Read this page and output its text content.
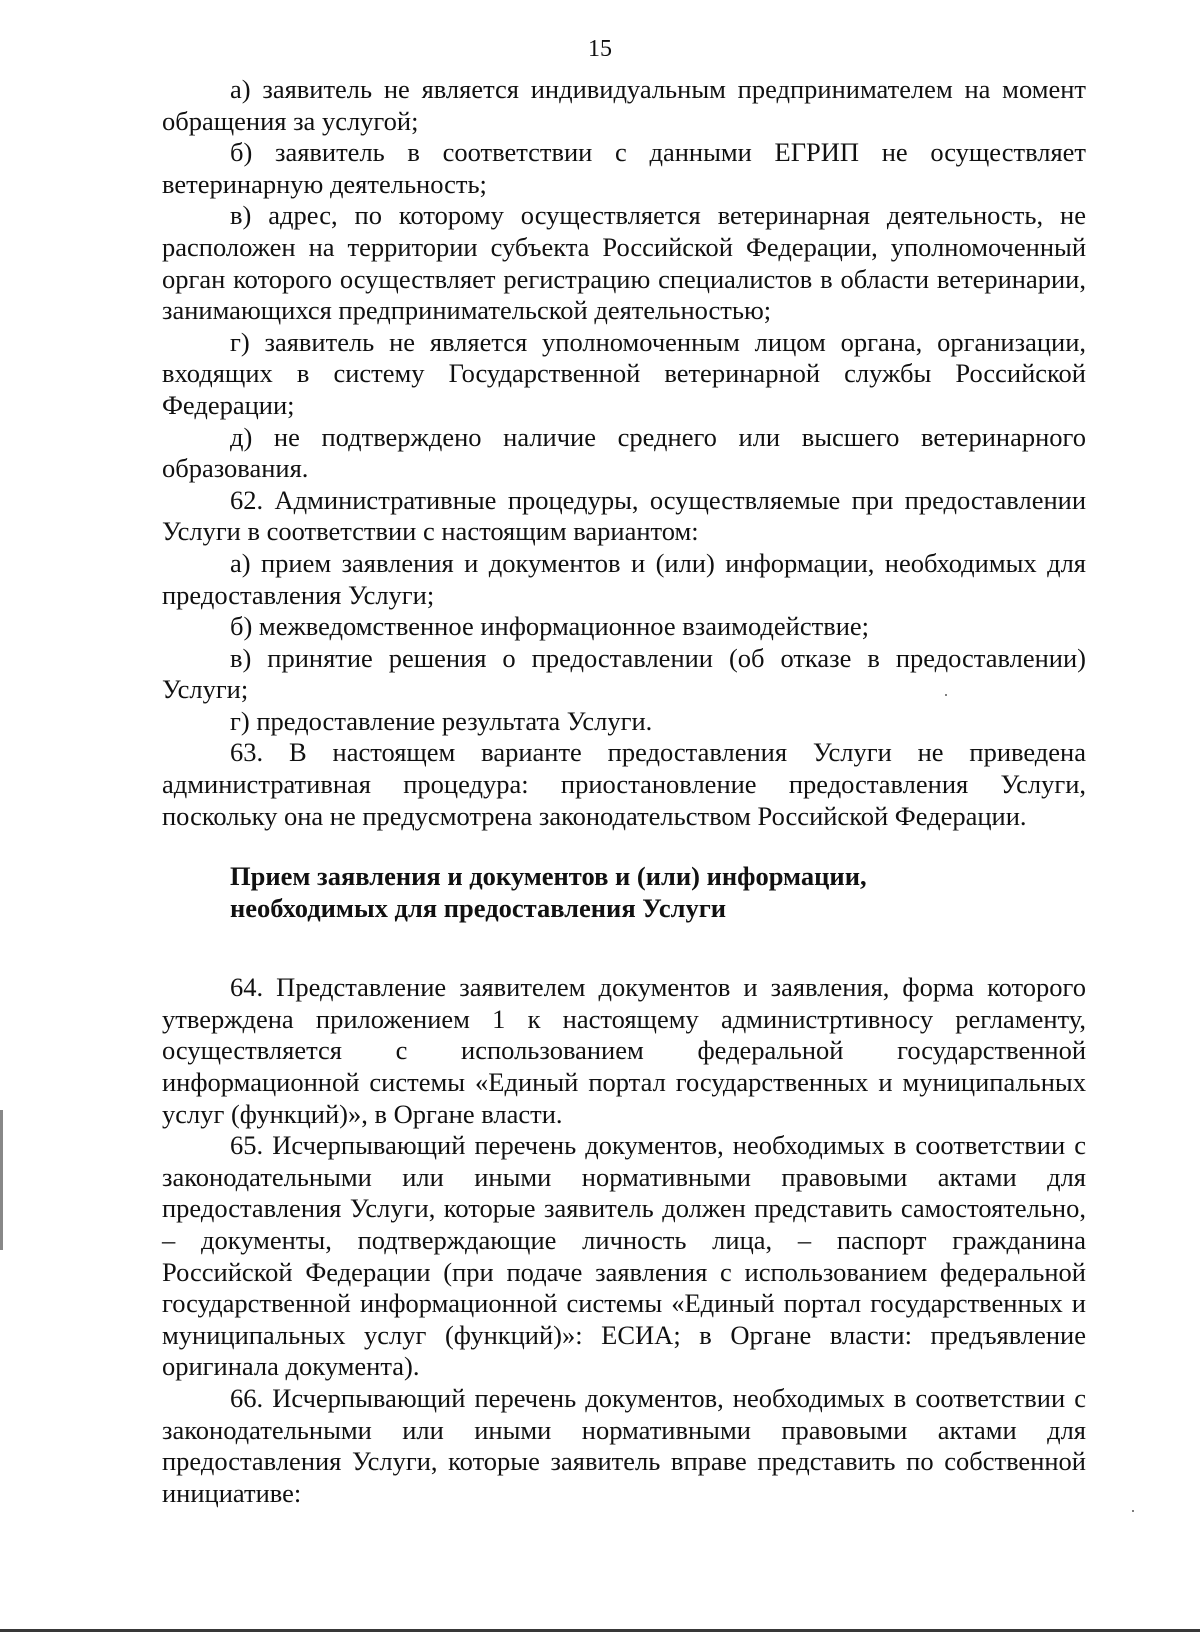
15

а) заявитель не является индивидуальным предпринимателем на момент обращения за услугой;

б) заявитель в соответствии с данными ЕГРИП не осуществляет ветеринарную деятельность;

в) адрес, по которому осуществляется ветеринарная деятельность, не расположен на территории субъекта Российской Федерации, уполномоченный орган которого осуществляет регистрацию специалистов в области ветеринарии, занимающихся предпринимательской деятельностью;

г) заявитель не является уполномоченным лицом органа, организации, входящих в систему Государственной ветеринарной службы Российской Федерации;

д) не подтверждено наличие среднего или высшего ветеринарного образования.

62. Административные процедуры, осуществляемые при предоставлении Услуги в соответствии с настоящим вариантом:

а) прием заявления и документов и (или) информации, необходимых для предоставления Услуги;

б) межведомственное информационное взаимодействие;

в) принятие решения о предоставлении (об отказе в предоставлении) Услуги;

г) предоставление результата Услуги.

63. В настоящем варианте предоставления Услуги не приведена административная процедура: приостановление предоставления Услуги, поскольку она не предусмотрена законодательством Российской Федерации.

Прием заявления и документов и (или) информации,

необходимых для предоставления Услуги

64. Представление заявителем документов и заявления, форма которого утверждена приложением 1 к настоящему администртивносу регламенту, осуществляется с использованием федеральной государственной информационной системы «Единый портал государственных и муниципальных услуг (функций)», в Органе власти.

65. Исчерпывающий перечень документов, необходимых в соответствии с законодательными или иными нормативными правовыми актами для предоставления Услуги, которые заявитель должен представить самостоятельно, – документы, подтверждающие личность лица, – паспорт гражданина Российской Федерации (при подаче заявления с использованием федеральной государственной информационной системы «Единый портал государственных и муниципальных услуг (функций)»: ЕСИА; в Органе власти: предъявление оригинала документа).

66. Исчерпывающий перечень документов, необходимых в соответствии с законодательными или иными нормативными правовыми актами для предоставления Услуги, которые заявитель вправе представить по собственной инициативе:
